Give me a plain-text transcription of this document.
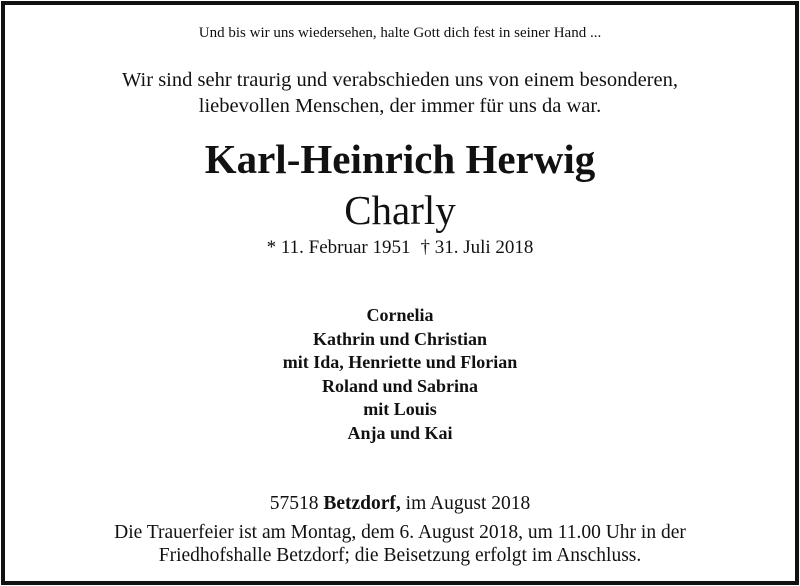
Und bis wir uns wiedersehen, halte Gott dich fest in seiner Hand ...
Wir sind sehr traurig und verabschieden uns von einem besonderen,
liebevollen Menschen, der immer für uns da war.
Karl-Heinrich Herwig
Charly
* 11. Februar 1951 † 31. Juli 2018
Cornelia
Kathrin und Christian
mit Ida, Henriette und Florian
Roland und Sabrina
mit Louis
Anja und Kai
57518 Betzdorf, im August 2018
Die Trauerfeier ist am Montag, dem 6. August 2018, um 11.00 Uhr in der
Friedhofshalle Betzdorf; die Beisetzung erfolgt im Anschluss.
